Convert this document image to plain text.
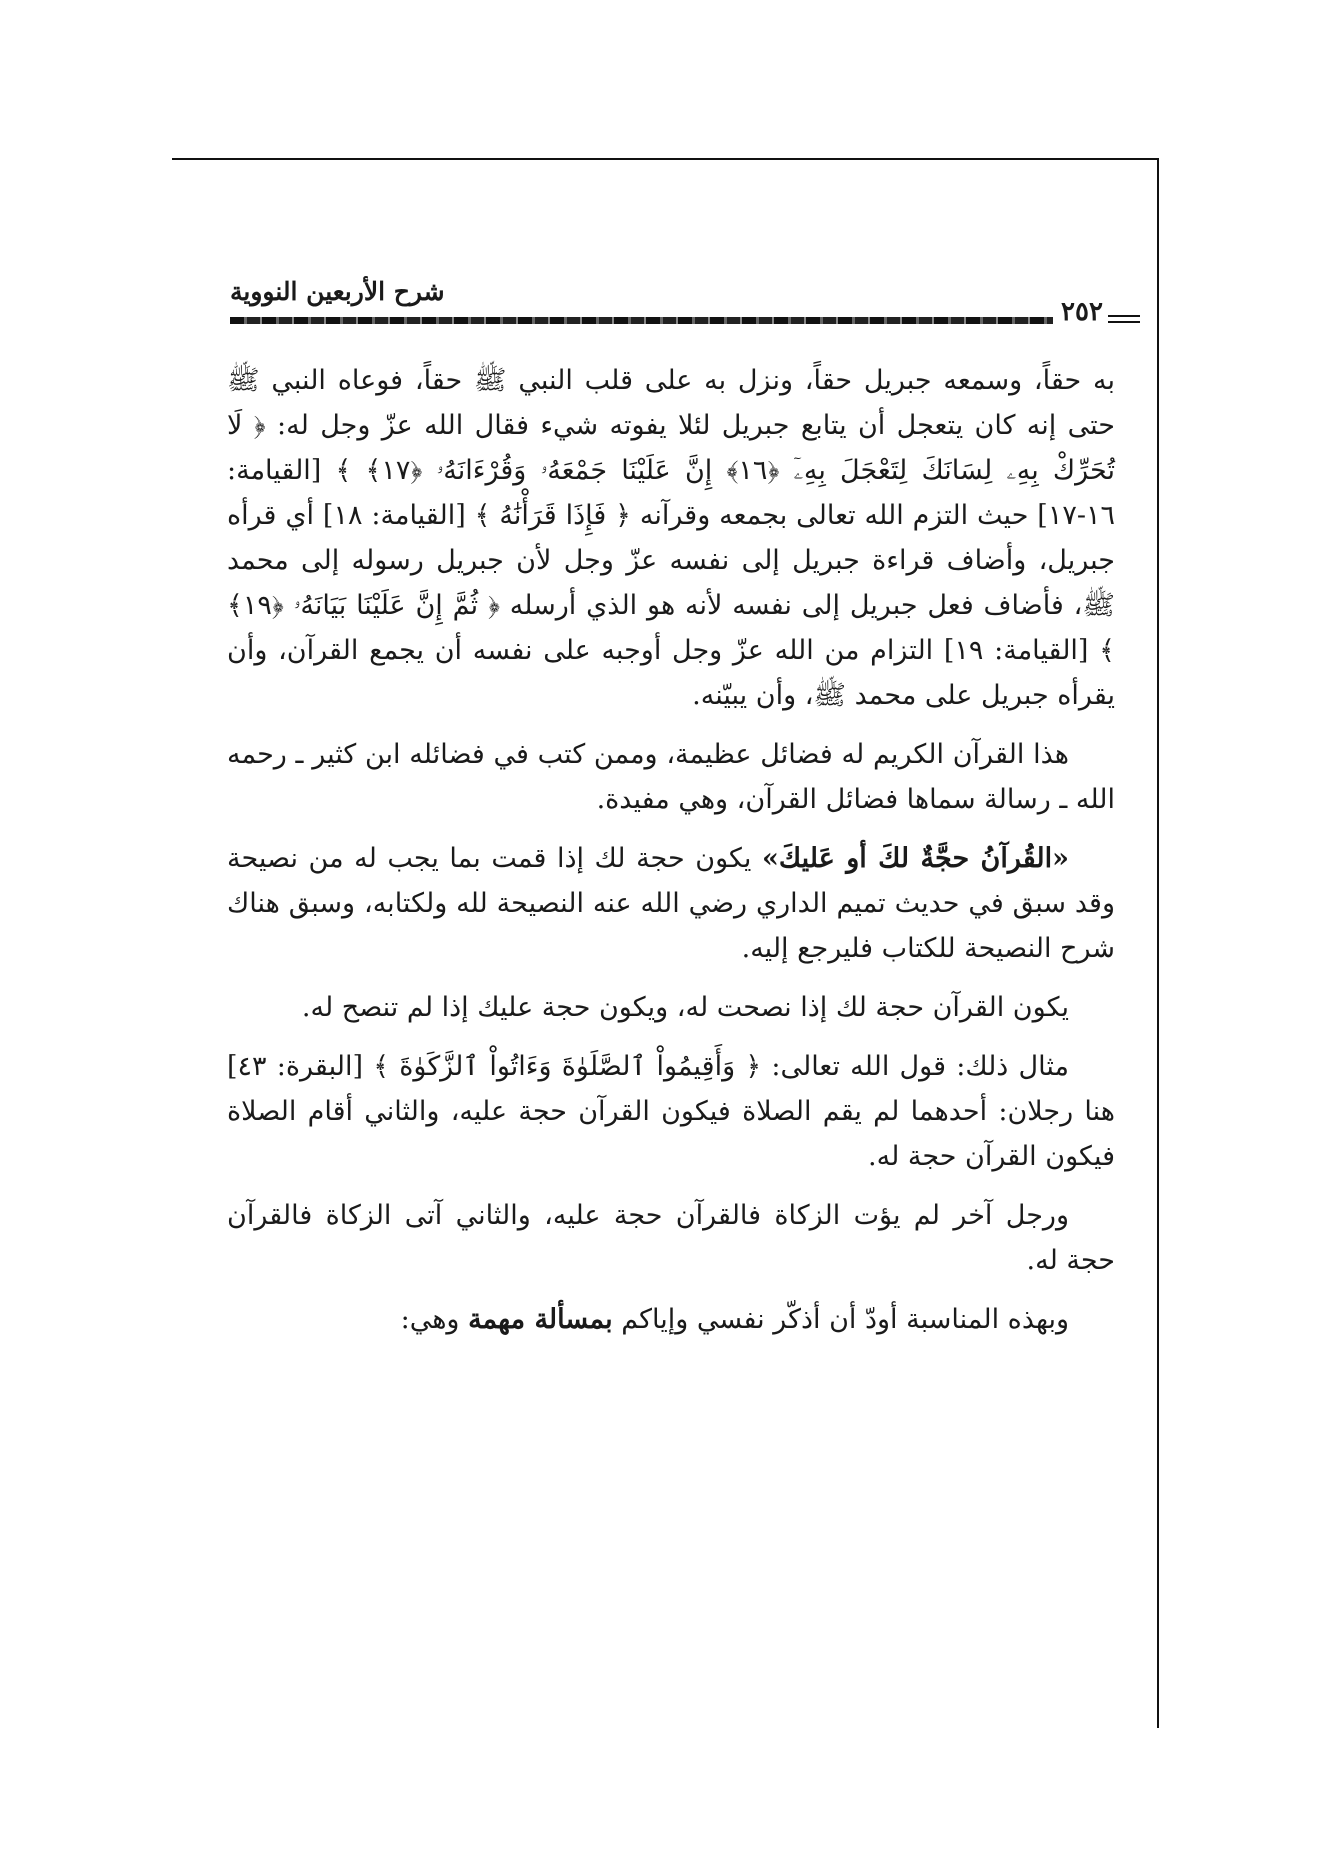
شرح الأربعين النووية
٢٥٢

به حقاً، وسمعه جبريل حقاً، ونزل به على قلب النبي ﷺ حقاً، فوعاه النبي ﷺ حتى إنه كان يتعجل أن يتابع جبريل لئلا يفوته شيء فقال الله عزّ وجل له: ﴿ لَا تُحَرِّكْ بِهِۦ لِسَانَكَ لِتَعْجَلَ بِهِۦٓ ﴿١٦﴾ إِنَّ عَلَيْنَا جَمْعَهُۥ وَقُرْءَانَهُۥ ﴿١٧﴾ ﴾ [القيامة: ١٦-١٧] حيث التزم الله تعالى بجمعه وقرآنه ﴿ فَإِذَا قَرَأْنَٰهُ ﴾ [القيامة: ١٨] أي قرأه جبريل، وأضاف قراءة جبريل إلى نفسه عزّ وجل لأن جبريل رسوله إلى محمد ﷺ، فأضاف فعل جبريل إلى نفسه لأنه هو الذي أرسله ﴿ ثُمَّ إِنَّ عَلَيْنَا بَيَانَهُۥ ﴿١٩﴾ ﴾ [القيامة: ١٩] التزام من الله عزّ وجل أوجبه على نفسه أن يجمع القرآن، وأن يقرأه جبريل على محمد ﷺ، وأن يبيّنه.

هذا القرآن الكريم له فضائل عظيمة، وممن كتب في فضائله ابن كثير ـ رحمه الله ـ رسالة سماها فضائل القرآن، وهي مفيدة.

«القُرآنُ حجَّةٌ لكَ أو عَليكَ» يكون حجة لك إذا قمت بما يجب له من نصيحة وقد سبق في حديث تميم الداري رضي الله عنه النصيحة لله ولكتابه، وسبق هناك شرح النصيحة للكتاب فليرجع إليه.

يكون القرآن حجة لك إذا نصحت له، ويكون حجة عليك إذا لم تنصح له.

مثال ذلك: قول الله تعالى: ﴿ وَأَقِيمُواْ ٱلصَّلَوٰةَ وَءَاتُواْ ٱلزَّكَوٰةَ ﴾ [البقرة: ٤٣] هنا رجلان: أحدهما لم يقم الصلاة فيكون القرآن حجة عليه، والثاني أقام الصلاة فيكون القرآن حجة له.

ورجل آخر لم يؤت الزكاة فالقرآن حجة عليه، والثاني آتى الزكاة فالقرآن حجة له.

وبهذه المناسبة أودّ أن أذكّر نفسي وإياكم بمسألة مهمة وهي:
